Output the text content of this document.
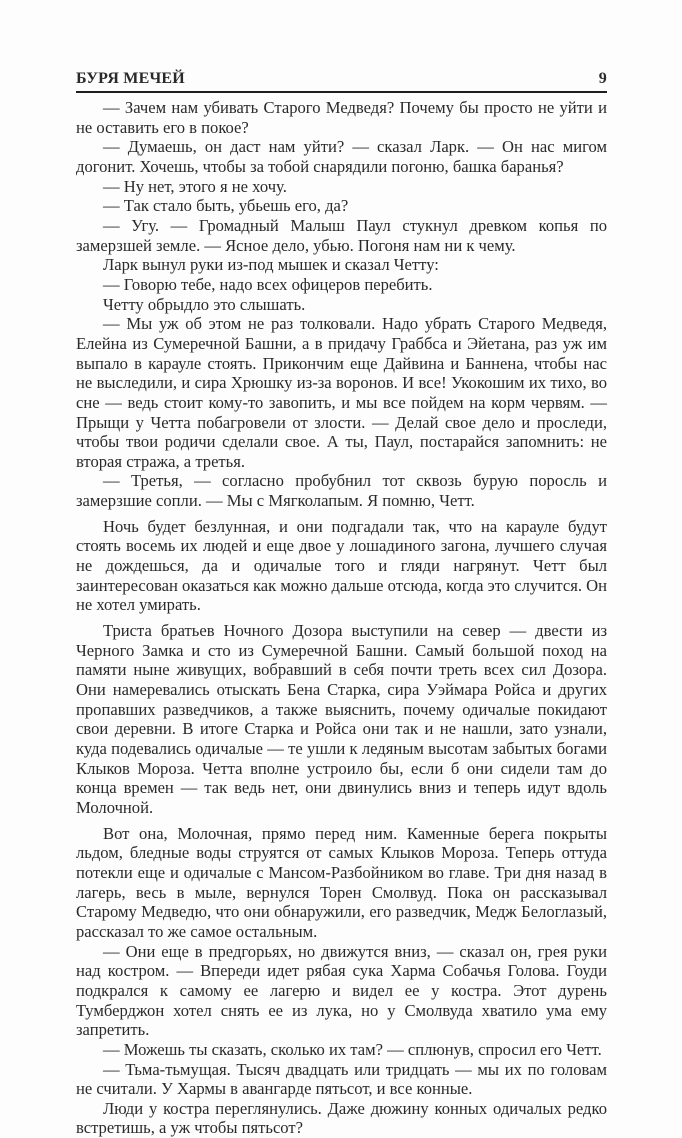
БУРЯ МЕЧЕЙ	9

— Зачем нам убивать Старого Медведя? Почему бы просто не уйти и не оставить его в покое?

— Думаешь, он даст нам уйти? — сказал Ларк. — Он нас мигом догонит. Хочешь, чтобы за тобой снарядили погоню, башка баранья?

— Ну нет, этого я не хочу.

— Так стало быть, убьешь его, да?

— Угу. — Громадный Малыш Паул стукнул древком копья по замерзшей земле. — Ясное дело, убью. Погоня нам ни к чему.

Ларк вынул руки из-под мышек и сказал Четту:

— Говорю тебе, надо всех офицеров перебить.

Четту обрыдло это слышать.

— Мы уж об этом не раз толковали. Надо убрать Старого Медведя, Елейна из Сумеречной Башни, а в придачу Граббса и Эйетана, раз уж им выпало в карауле стоять. Прикончим еще Дайвина и Баннена, чтобы нас не выследили, и сира Хрюшку из-за воронов. И все! Укокошим их тихо, во сне — ведь стоит кому-то завопить, и мы все пойдем на корм червям. — Прыщи у Четта побагровели от злости. — Делай свое дело и проследи, чтобы твои родичи сделали свое. А ты, Паул, постарайся запомнить: не вторая стража, а третья.

— Третья, — согласно пробубнил тот сквозь бурую поросль и замерзшие сопли. — Мы с Мягколапым. Я помню, Четт.

Ночь будет безлунная, и они подгадали так, что на карауле будут стоять восемь их людей и еще двое у лошадиного загона, лучшего случая не дождешься, да и одичалые того и гляди нагрянут. Четт был заинтересован оказаться как можно дальше отсюда, когда это случится. Он не хотел умирать.

Триста братьев Ночного Дозора выступили на север — двести из Черного Замка и сто из Сумеречной Башни. Самый большой поход на памяти ныне живущих, вобравший в себя почти треть всех сил Дозора. Они намеревались отыскать Бена Старка, сира Уэймара Ройса и других пропавших разведчиков, а также выяснить, почему одичалые покидают свои деревни. В итоге Старка и Ройса они так и не нашли, зато узнали, куда подевались одичалые — те ушли к ледяным высотам забытых богами Клыков Мороза. Четта вполне устроило бы, если б они сидели там до конца времен — так ведь нет, они двинулись вниз и теперь идут вдоль Молочной.

Вот она, Молочная, прямо перед ним. Каменные берега покрыты льдом, бледные воды струятся от самых Клыков Мороза. Теперь оттуда потекли еще и одичалые с Мансом-Разбойником во главе. Три дня назад в лагерь, весь в мыле, вернулся Торен Смолвуд. Пока он рассказывал Старому Медведю, что они обнаружили, его разведчик, Медж Белоглазый, рассказал то же самое остальным.

— Они еще в предгорьях, но движутся вниз, — сказал он, грея руки над костром. — Впереди идет рябая сука Харма Собачья Голова. Гоуди подкрался к самому ее лагерю и видел ее у костра. Этот дурень Тумберджон хотел снять ее из лука, но у Смолвуда хватило ума ему запретить.

— Можешь ты сказать, сколько их там? — сплюнув, спросил его Четт.

— Тьма-тьмущая. Тысяч двадцать или тридцать — мы их по головам не считали. У Хармы в авангарде пятьсот, и все конные.

Люди у костра переглянулись. Даже дюжину конных одичалых редко встретишь, а уж чтобы пятьсот?
